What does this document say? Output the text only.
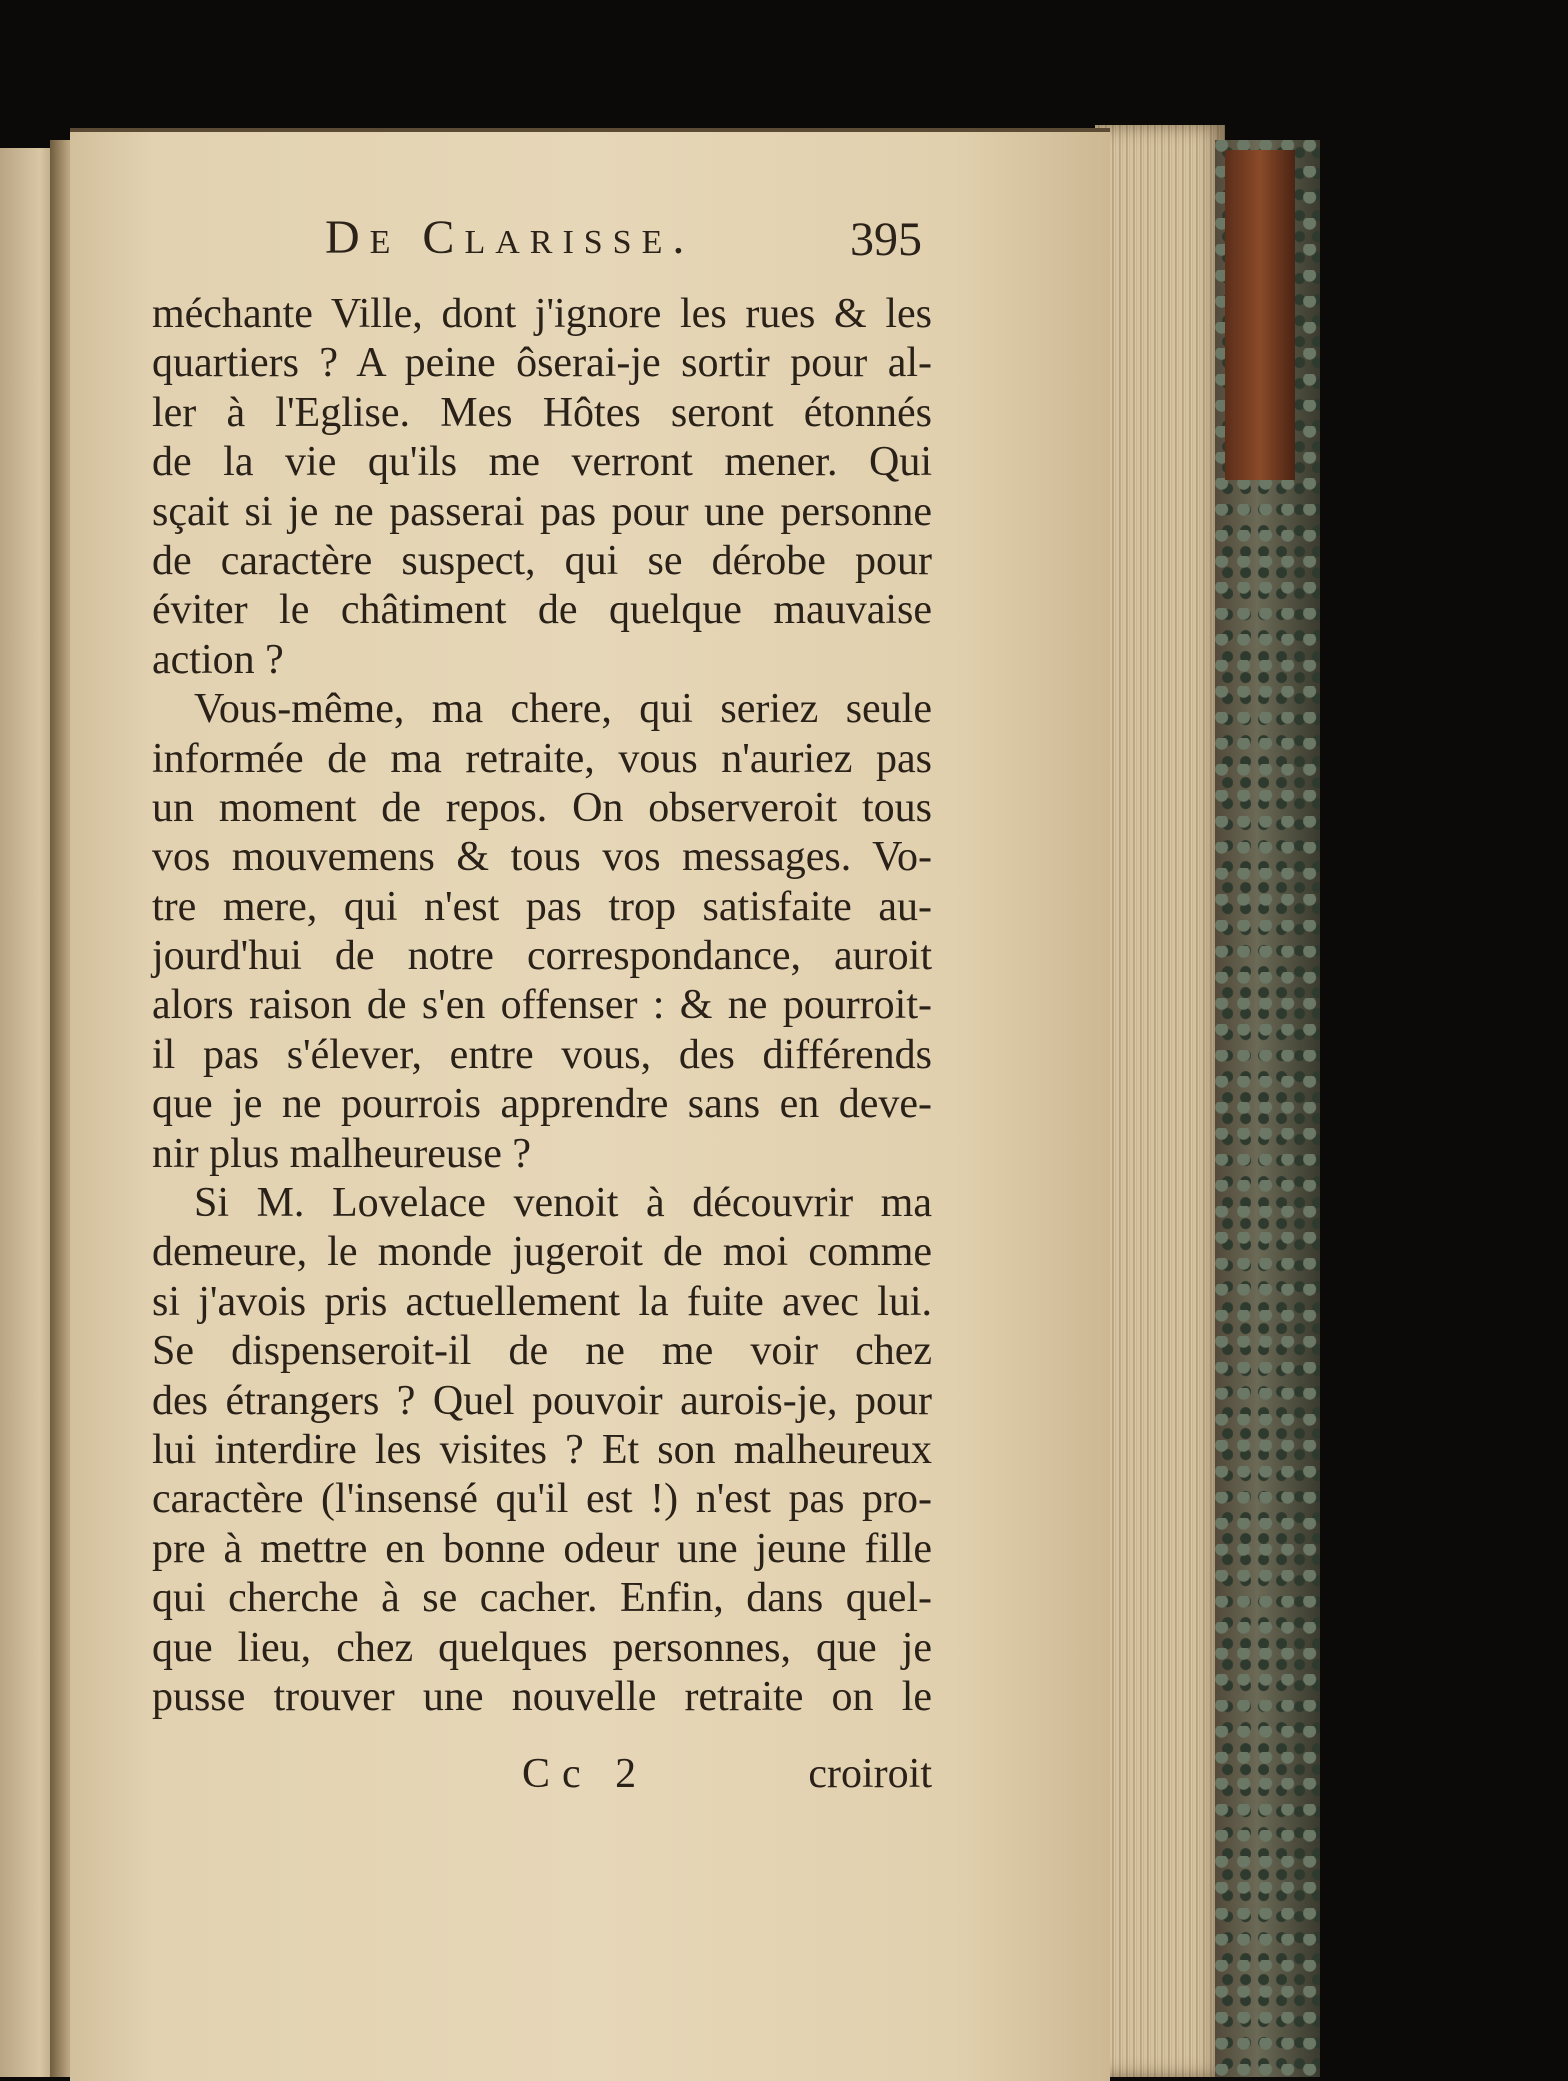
De Clarisse.	395
méchante Ville, dont j'ignore les rues & les
quartiers ? A peine ôserai-je sortir pour al-
ler à l'Eglise. Mes Hôtes seront étonnés
de la vie qu'ils me verront mener. Qui
sçait si je ne passerai pas pour une personne
de caractère suspect, qui se dérobe pour
éviter le châtiment de quelque mauvaise
action ?
Vous-même, ma chere, qui seriez seule
informée de ma retraite, vous n'auriez pas
un moment de repos. On observeroit tous
vos mouvemens & tous vos messages. Vo-
tre mere, qui n'est pas trop satisfaite au-
jourd'hui de notre correspondance, auroit
alors raison de s'en offenser : & ne pourroit-
il pas s'élever, entre vous, des différends
que je ne pourrois apprendre sans en deve-
nir plus malheureuse ?
Si M. Lovelace venoit à découvrir ma
demeure, le monde jugeroit de moi comme
si j'avois pris actuellement la fuite avec lui.
Se dispenseroit-il de ne me voir chez
des étrangers ? Quel pouvoir aurois-je, pour
lui interdire les visites ? Et son malheureux
caractère (l'insensé qu'il est !) n'est pas pro-
pre à mettre en bonne odeur une jeune fille
qui cherche à se cacher. Enfin, dans quel-
que lieu, chez quelques personnes, que je
pusse trouver une nouvelle retraite on le
Cc 2	croiroit
